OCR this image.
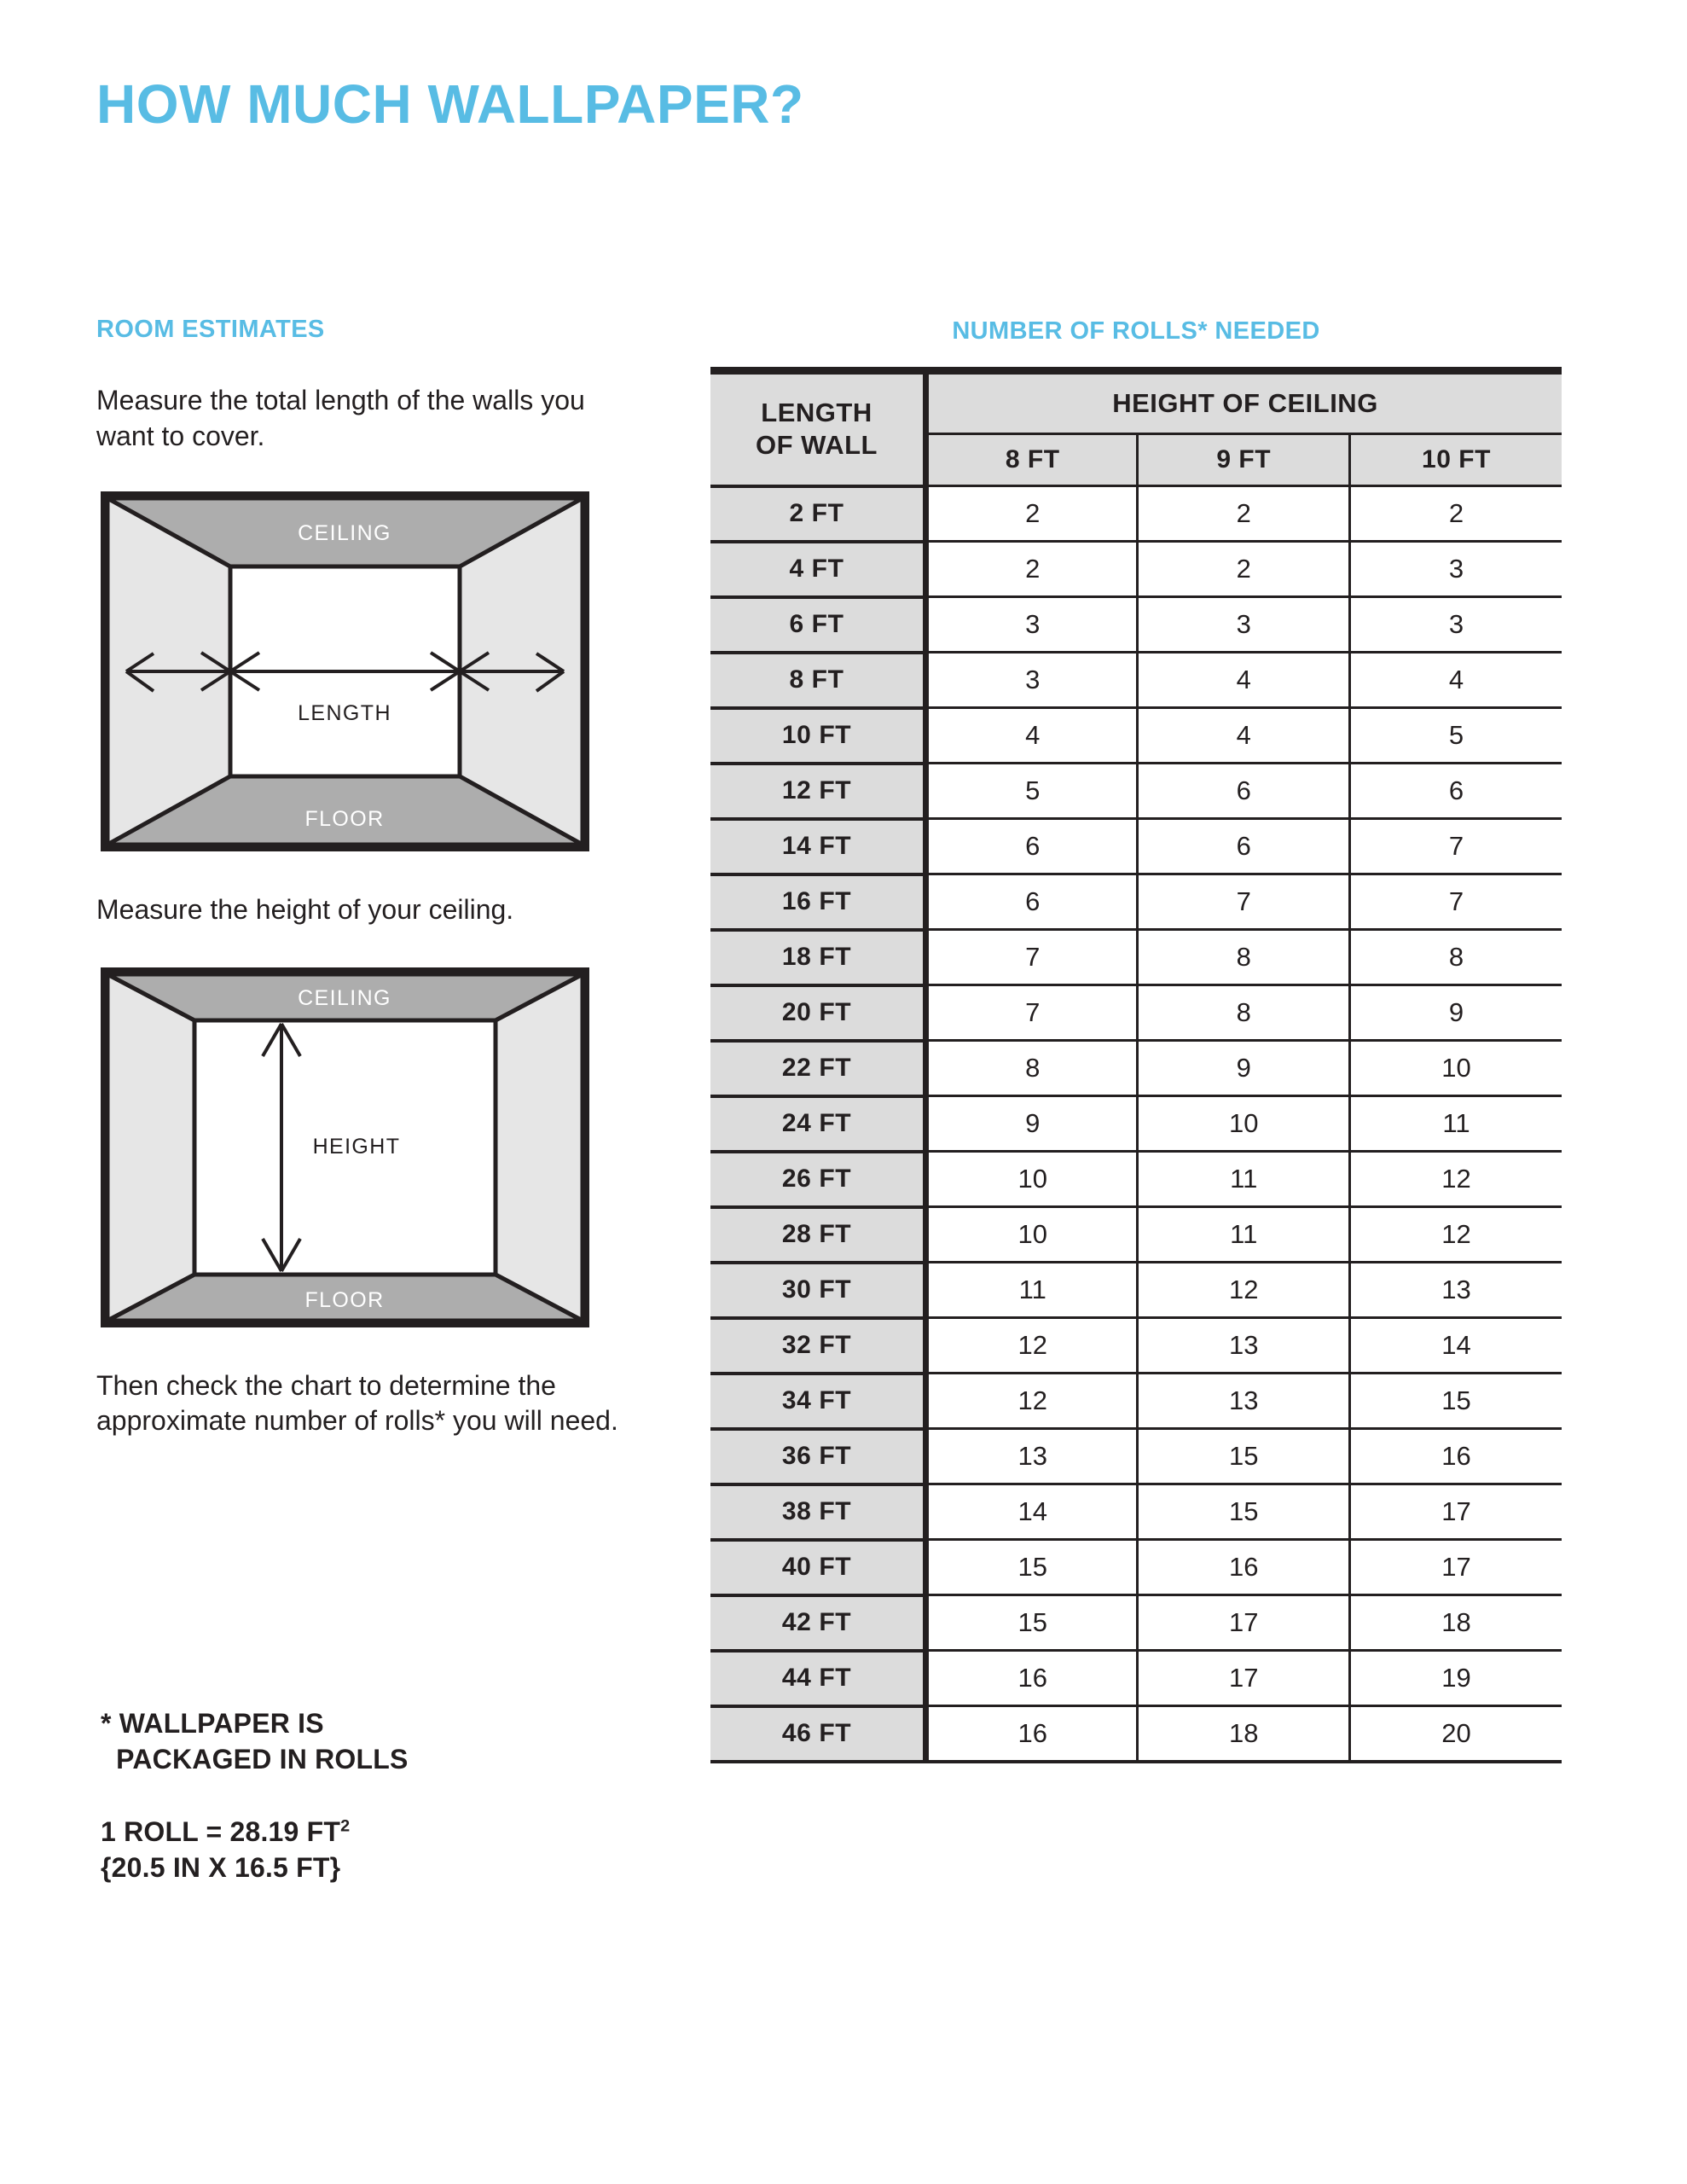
HOW MUCH WALLPAPER?
ROOM ESTIMATES

Measure the total length of the walls you want to cover.

CEILING
FLOOR
LENGTH

Measure the height of your ceiling.

CEILING
FLOOR
HEIGHT

Then check the chart to determine the approximate number of rolls* you will need.

* WALLPAPER IS
PACKAGED IN ROLLS
1 ROLL = 28.19 $FT^2$
{20.5 IN X 16.5 FT}
NUMBER OF ROLLS* NEEDED

LENGTH
OF WALL	HEIGHT OF CEILING		
	8 FT	9 FT	10 FT
2 FT	2	2	2
4 FT	2	2	3
6 FT	3	3	3
8 FT	3	4	4
10 FT	4	4	5
12 FT	5	6	6
14 FT	6	6	7
16 FT	6	7	7
18 FT	7	8	8
20 FT	7	8	9
22 FT	8	9	10
24 FT	9	10	11
26 FT	10	11	12
28 FT	10	11	12
30 FT	11	12	13
32 FT	12	13	14
34 FT	12	13	15
36 FT	13	15	16
38 FT	14	15	17
40 FT	15	16	17
42 FT	15	17	18
44 FT	16	17	19
46 FT	16	18	20
